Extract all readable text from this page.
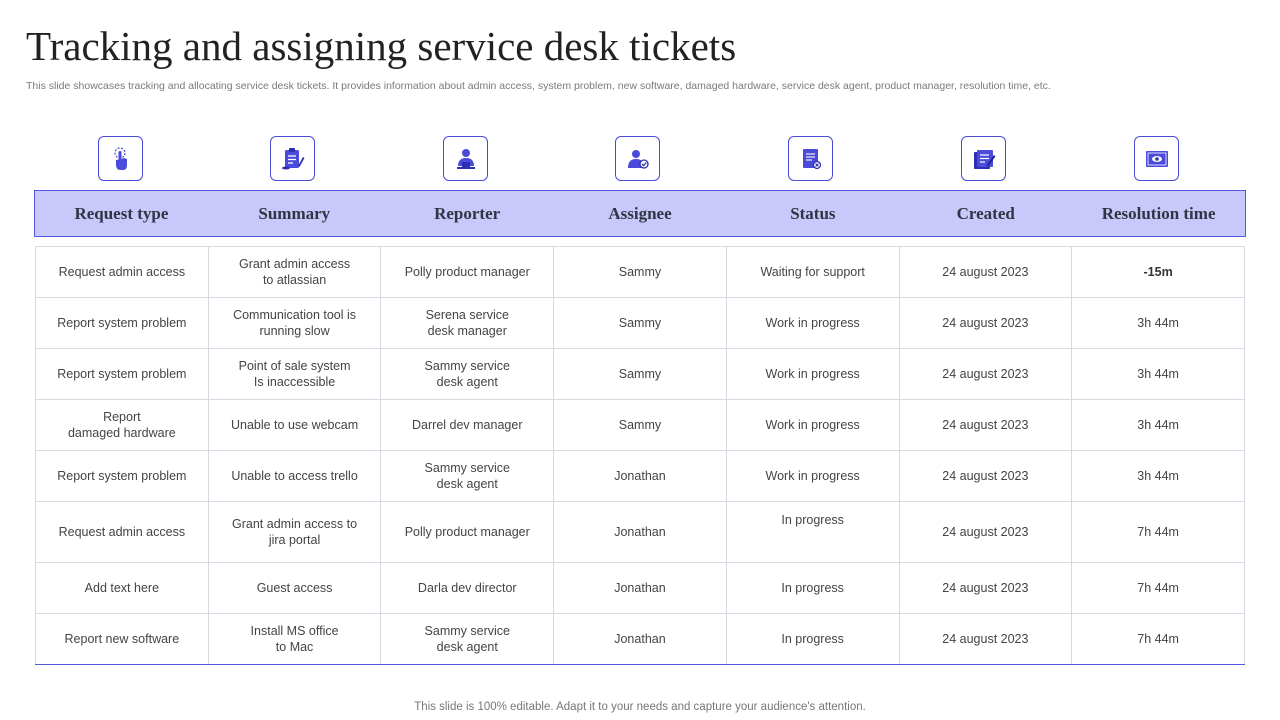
Tracking and assigning service desk tickets
This slide showcases tracking and allocating service desk tickets. It provides information about admin access, system problem, new software, damaged hardware, service desk agent, product manager, resolution time, etc.
Request type	Summary	Reporter	Assignee	Status	Created	Resolution time
Request admin access	Grant admin access
to atlassian	Polly product manager	Sammy	Waiting for support	24 august 2023	-15m
Report system problem	Communication tool is
running slow	Serena service
desk manager	Sammy	Work in progress	24 august 2023	3h 44m
Report system problem	Point of sale system
Is inaccessible	Sammy service
desk agent	Sammy	Work in progress	24 august 2023	3h 44m
Report
damaged hardware	Unable to use webcam	Darrel dev manager	Sammy	Work in progress	24 august 2023	3h 44m
Report system problem	Unable to access trello	Sammy service
desk agent	Jonathan	Work in progress	24 august 2023	3h 44m
Request admin access	Grant admin access to
jira portal	Polly product manager	Jonathan	In progress	24 august 2023	7h 44m
Add text here	Guest access	Darla dev director	Jonathan	In progress	24 august 2023	7h 44m
Report new software	Install MS office
to Mac	Sammy service
desk agent	Jonathan	In progress	24 august 2023	7h 44m
This slide is 100% editable. Adapt it to your needs and capture your audience's attention.
